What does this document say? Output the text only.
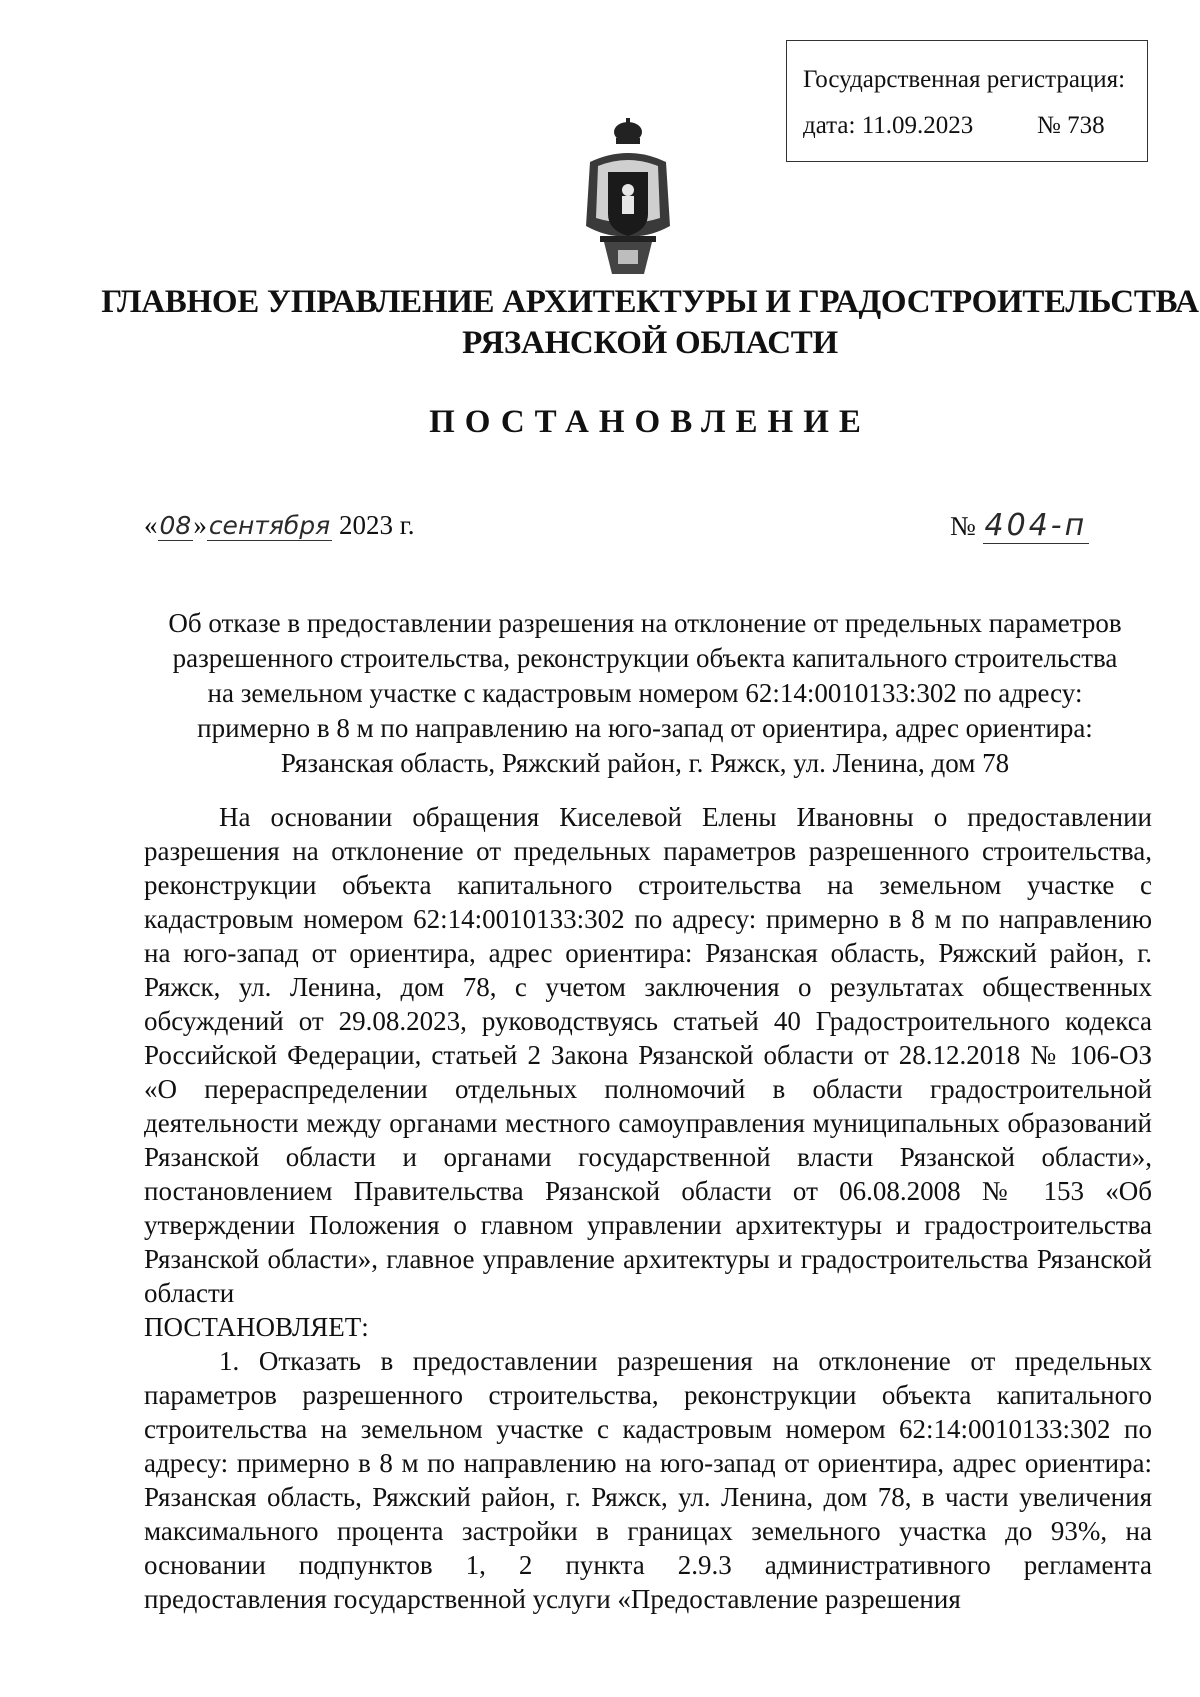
Государственная регистрация:
дата: 11.09.2023	№ 738
ГЛАВНОЕ УПРАВЛЕНИЕ АРХИТЕКТУРЫ И ГРАДОСТРОИТЕЛЬСТВА
РЯЗАНСКОЙ ОБЛАСТИ
ПОСТАНОВЛЕНИЕ
«08»сентября 2023 г.	№ 404-п
Об отказе в предоставлении разрешения на отклонение от предельных параметров
разрешенного строительства, реконструкции объекта капитального строительства
на земельном участке с кадастровым номером 62:14:0010133:302 по адресу:
примерно в 8 м по направлению на юго-запад от ориентира, адрес ориентира:
Рязанская область, Ряжский район, г. Ряжск, ул. Ленина, дом 78

На основании обращения Киселевой Елены Ивановны о предоставлении разрешения на отклонение от предельных параметров разрешенного строительства, реконструкции объекта капитального строительства на земельном участке с кадастровым номером 62:14:0010133:302 по адресу: примерно в 8 м по направлению на юго-запад от ориентира, адрес ориентира: Рязанская область, Ряжский район, г. Ряжск, ул. Ленина, дом 78, с учетом заключения о результатах общественных обсуждений от 29.08.2023, руководствуясь статьей 40 Градостроительного кодекса Российской Федерации, статьей 2 Закона Рязанской области от 28.12.2018 № 106-ОЗ «О перераспределении отдельных полномочий в области градостроительной деятельности между органами местного самоуправления муниципальных образований Рязанской области и органами государственной власти Рязанской области», постановлением Правительства Рязанской области от 06.08.2008 № 153 «Об утверждении Положения о главном управлении архитектуры и градостроительства Рязанской области», главное управление архитектуры и градостроительства Рязанской области

ПОСТАНОВЛЯЕТ:

1. Отказать в предоставлении разрешения на отклонение от предельных параметров разрешенного строительства, реконструкции объекта капитального строительства на земельном участке с кадастровым номером 62:14:0010133:302 по адресу: примерно в 8 м по направлению на юго-запад от ориентира, адрес ориентира: Рязанская область, Ряжский район, г. Ряжск, ул. Ленина, дом 78, в части увеличения максимального процента застройки в границах земельного участка до 93%, на основании подпунктов 1, 2 пункта 2.9.3 административного регламента предоставления государственной услуги «Предоставление разрешения
